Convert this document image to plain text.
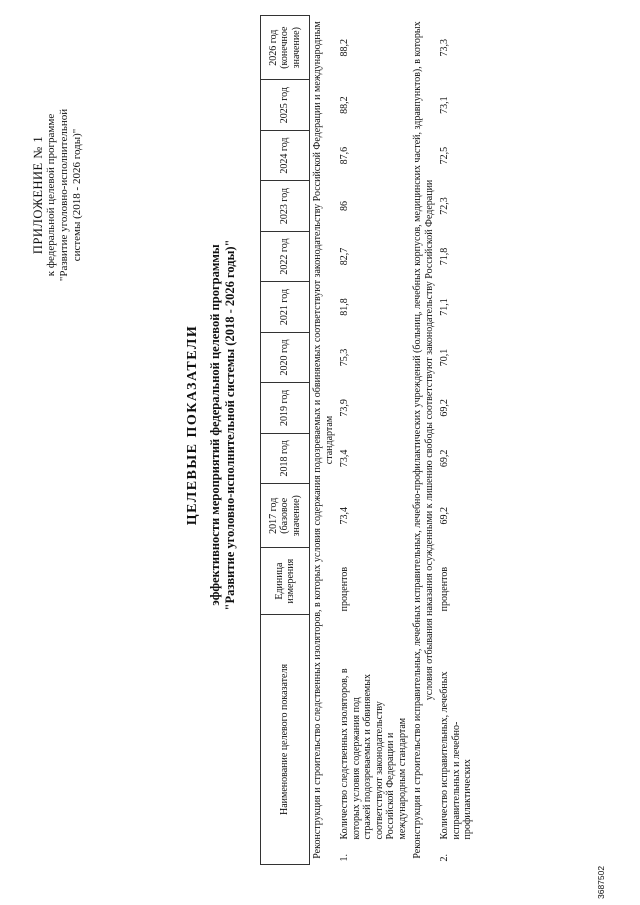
ПРИЛОЖЕНИЕ № 1 к федеральной целевой программе "Развитие уголовно-исполнительной системы (2018 - 2026 годы)"
ЦЕЛЕВЫЕ ПОКАЗАТЕЛИ эффективности мероприятий федеральной целевой программы "Развитие уголовно-исполнительной системы (2018 - 2026 годы)"
Наименование целевого показателя	Единица измерения	2017 год (базовое значение)	2018 год	2019 год	2020 год	2021 год	2022 год	2023 год	2024 год	2025 год	2026 год (конечное значение)
Реконструкция и строительство следственных изоляторов, в которых условия содержания подозреваемых и обвиняемых соответствуют законодательству Российской Федерации и международным стандартам											
1.Количество следственных изоляторов, в которых условия содержания под стражей подозреваемых и обвиняемых соответствуют законодательству Российской Федерации и международным стандартам	процентов	73,4	73,4	73,9	75,3	81,8	82,7	86	87,6	88,2	88,2
Реконструкция и строительство исправительных, лечебных исправительных, лечебно-профилактических учреждений (больниц, лечебных корпусов, медицинских частей, здравпунктов), в которых условия отбывания наказания осужденными к лишению свободы соответствуют законодательству Российской Федерации											
2.Количество исправительных, лечебных исправительных и лечебно-профилактических	процентов	69,2	69,2	69,2	70,1	71,1	71,8	72,3	72,5	73,1	73,3
3687502
